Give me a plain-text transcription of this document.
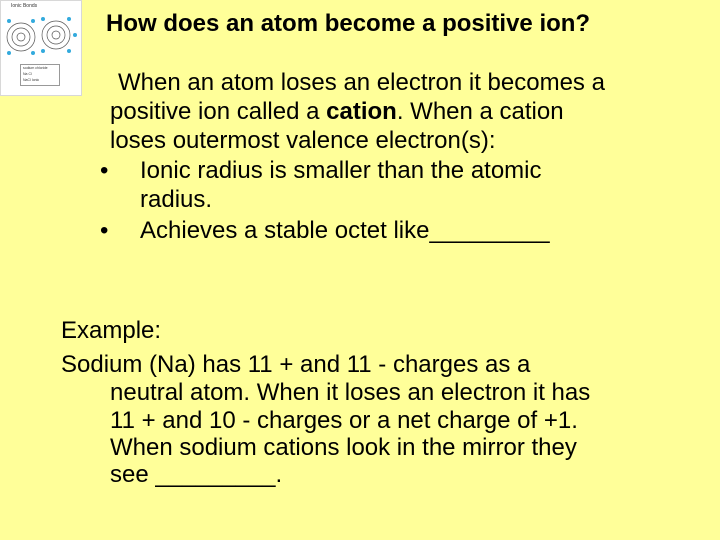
Ionic Bonds
sodium chloride
Na Cl
NaCl Ionic
How does an atom become a positive ion?
When an atom loses an electron it becomes a
positive ion called a cation. When a cation
loses outermost valence electron(s):
• Ionic radius is smaller than the atomic
radius.
• Achieves a stable octet like_________
Example:
Sodium (Na) has 11 + and 11 - charges as a
neutral atom. When it loses an electron it has
11 + and 10 - charges or a net charge of +1.
When sodium cations look in the mirror they
see _________.
